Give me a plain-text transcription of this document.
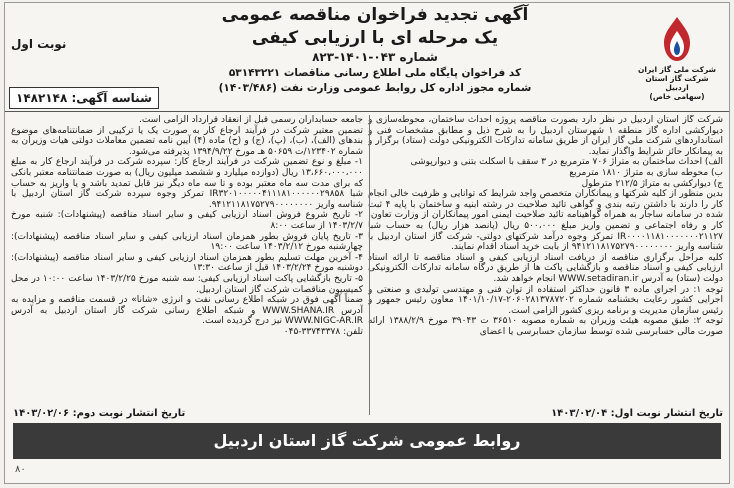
شرکت ملی گاز ایران
شرکت گاز استان اردبیل
(سهامی خاص)
آگهی تجدید فراخوان مناقصه عمومی
یک مرحله ای با ارزیابی کیفی
شماره ۰۴۳-۱۴۰۱-۸۲۳
کد فراخوان پایگاه ملی اطلاع رسانی مناقصات ۵۳۱۴۳۲۲۱
شماره مجوز اداره کل روابط عمومی وزارت نفت (۱۴۰۳/۴۸۶)
نوبت اول
شناسه آگهی: ۱۴۸۲۱۴۸

شرکت گاز استان اردبیل در نظر دارد بصورت مناقصه پروژه احداث ساختمان، محوطه‌سازی و دیوارکشی اداره گاز منطقه ۱ شهرستان اردبیل را به شرح ذیل و مطابق مشخصات فنی و استانداردهای شرکت ملی گاز ایران از طریق سامانه تدارکات الکترونیکی دولت (ستاد) برگزار و به پیمانکار حائز شرایط واگذار نماید.

الف) احداث ساختمان به متراژ ۷۰۶ مترمربع در ۳ سقف با اسکلت بتنی و دیوارپوشی

ب) محوطه سازی به متراژ ۱۸۱۰ مترمربع

ج) دیوارکشی به متراژ ۲۱۲/۵ مترطول

بدین منظور از کلیه شرکتها و پیمانکاران متخصص واجد شرایط که توانایی و ظرفیت خالی انجام کار را دارند با داشتن رتبه بندی و گواهی تائید صلاحیت در رشته ابنیه و ساختمان با پایه ۴ ثبت شده در سامانه ساجار به همراه گواهینامه تائید صلاحیت ایمنی امور پیمانکاران از وزارت تعاون، کار و رفاه اجتماعی و تضمین واریز مبلغ ۵۰۰،۰۰۰ ریال (پانصد هزار ریال) به حساب شبا IR۰۰۰۰۱۱۸۱۰۰۰۰۰۰۰۲۱۱۲۷ تمرکز وجوه درآمد شرکتهای دولتی- شرکت گاز استان اردبیل با شناسه واریز ۹۴۱۲۱۱۸۱۷۵۲۷۹۰۰۰۰۰۰۰۰ از بابت خرید اسناد اقدام نمایند.

کلیه مراحل برگزاری مناقصه از دریافت اسناد ارزیابی کیفی و اسناد مناقصه تا ارائه اسناد ارزیابی کیفی و اسناد مناقصه و بازگشایی پاکت ها از طریق درگاه سامانه تدارکات الکترونیکی دولت (ستاد) به آدرس WWW.setadiran.ir انجام خواهد شد.

توجه ۱: در اجرای ماده ۳ قانون حداکثر استفاده از توان فنی و مهندسی تولیدی و صنعتی و اجرایی کشور رعایت بخشنامه شماره ۲۰۶۰۲۸۱۳۷۸۷۲۰۲-۱۴۰۱/۱۰/۱۷ معاون رئیس جمهور و رئیس سازمان مدیریت و برنامه ریزی کشور الزامی است.

توجه ۲: طبق مصوبه هیئت وزیران به شماره مصوبه ۳۶۵۱۰ ت ۳۹۰۴۳ مورخ ۱۳۸۸/۲/۹ ارائه صورت مالی حسابرسی شده توسط سازمان حسابرسی یا اعضای

جامعه حسابداران رسمی قبل از انعقاد قرارداد الزامی است.

تضمین معتبر شرکت در فرآیند ارجاع کار به صورت یک یا ترکیبی از ضمانتنامه‌های موضوع بندهای (الف)، (ب)، (پ)، (ج) و (ح) ماده (۴) آیین نامه تضمین معاملات دولتی هیات وزیران به شماره ۱۲۳۴۰۲/ت ۵۰۶۵۹ هـ مورخ ۱۳۹۴/۹/۲۲ پذیرفته می‌شود.

۱- مبلغ و نوع تضمین شرکت در فرآیند ارجاع کار: سپرده شرکت در فرآیند ارجاع کار به مبلغ ۱۳،۶۶۰،۰۰۰،۰۰۰ ریال (دوازده میلیارد و ششصد میلیون ریال) به صورت ضمانتنامه معتبر بانکی که برای مدت سه ماه معتبر بوده و تا سه ماه دیگر نیز قابل تمدید باشد و یا واریز به حساب شبا IR۳۲۰۱۰۰۰۰۰۴۱۱۱۸۱۰۰۰۰۰۰۲۹۸۵۸ تمرکز وجوه سپرده شرکت گاز استان اردبیل با شناسه واریز ۹۴۱۲۱۱۸۱۷۵۲۷۹۰۰۰۰۰۰۰۰.

۲- تاریخ شروع فروش اسناد ارزیابی کیفی و سایر اسناد مناقصه (پیشنهادات): شنبه مورخ ۱۴۰۳/۲/۷ از ساعت ۸:۰۰

۳- تاریخ پایان فروش بطور همزمان اسناد ارزیابی کیفی و سایر اسناد مناقصه (پیشنهادات): چهارشنبه مورخ ۱۴۰۳/۲/۱۲ ساعت ۱۹:۰۰

۴- آخرین مهلت تسلیم بطور همزمان اسناد ارزیابی کیفی و سایر اسناد مناقصه (پیشنهادات): دوشنبه مورخ ۱۴۰۳/۲/۲۴ قبل از ساعت ۱۳:۳۰

۵- تاریخ بازگشایی پاکت اسناد ارزیابی کیفی: سه شنبه مورخ ۱۴۰۳/۲/۲۵ ساعت ۱۰:۰۰ در محل کمیسیون مناقصات شرکت گاز استان اردبیل.

ضمناً آگهی فوق در شبکه اطلاع رسانی نفت و انرژی «شانا» در قسمت مناقصه و مزایده به آدرس WWW.SHANA.IR و شبکه اطلاع رسانی شرکت گاز استان اردبیل به آدرس WWW.NIGC-AR.IR نیز درج گردیده است.

تلفن: ۳۳۷۴۳۳۷۸-۰۴۵

تاریخ انتشار نوبت اول: ۱۴۰۳/۰۲/۰۴
تاریخ انتشار نوبت دوم: ۱۴۰۳/۰۲/۰۶
روابط عمومی شرکت گاز استان اردبیل
۸۰
